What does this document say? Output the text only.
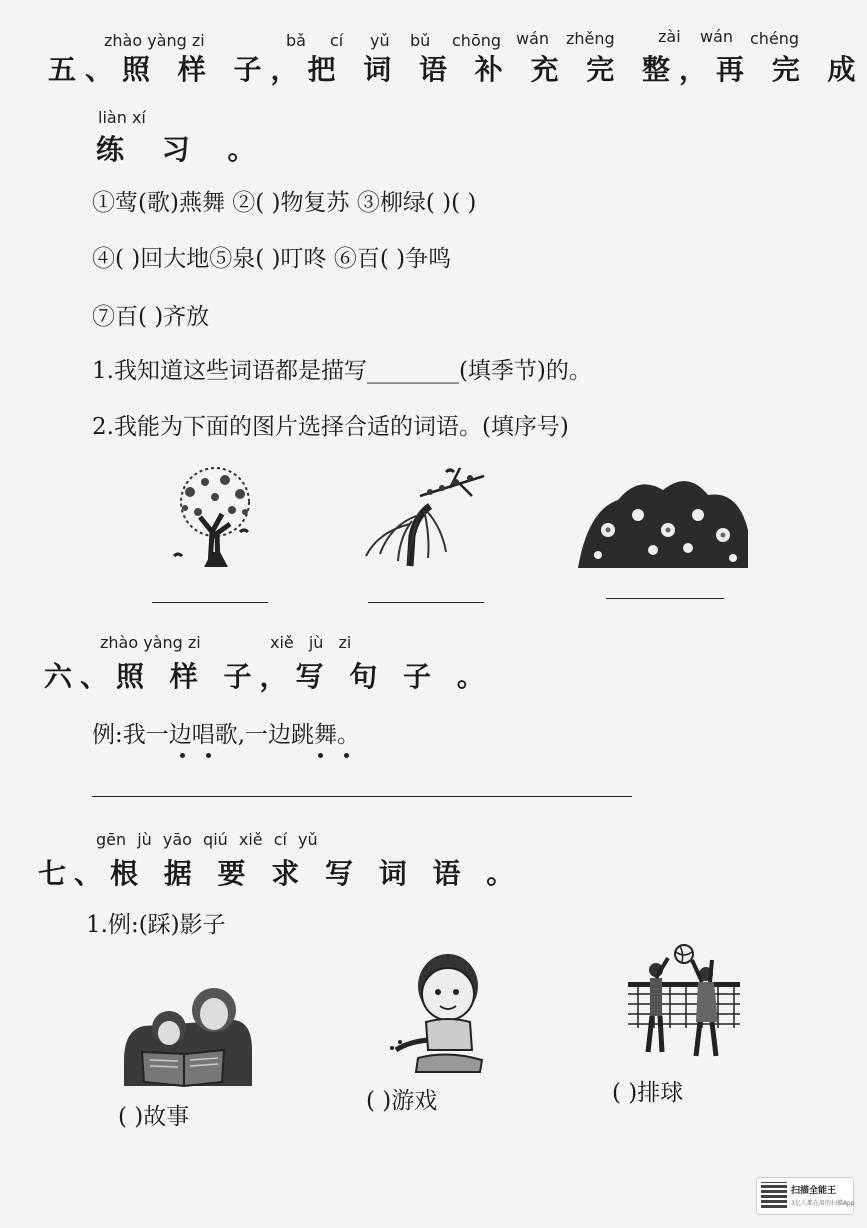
zhào yàng zi	bǎ cí yǔ bǔ chōng wán zhěng	zài wán chéng
五、照 样 子，把 词 语 补 充 完 整，再 完 成
liàn xí
练 习 。
①莺(歌)燕舞 ②( )物复苏 ③柳绿( )( )
④( )回大地⑤泉( )叮咚 ⑥百( )争鸣
⑦百( )齐放
1.我知道这些词语都是描写________(填季节)的。
2.我能为下面的图片选择合适的词语。(填序号)
zhào yàng zi	xiě jù zi
六、照 样 子，写 句 子 。
例:我一边唱歌,一边跳舞。
gēn jù yāo qiú xiě cí yǔ
七、根 据 要 求 写 词 语 。
1.例:(踩)影子
( )故事
( )游戏	( )排球
扫描全能王
3亿人都在用的扫描App
